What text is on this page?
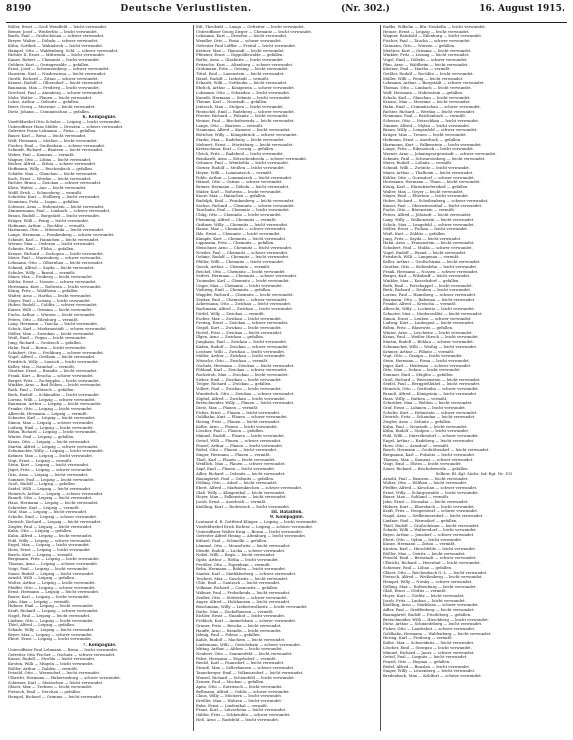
8190	Deutsche Verlustlisten.	(Nr. 302.)	16. August 1915.
Röller, Ernst — Groß Wendfeld — leicht verwundet.
Remer, Josef — Weißerlitz — leicht verwundet.
Barth, Paul — Großschönau — schwer verwundet.
Breyer, Walter — Döbeln — schwer verwundet.
Kühn, Gottlieb — Wahmbeck — leicht verwundet.
Hampel, Otto — Waldenburg, Schl. — schwer verwundet.
Richter II, Ernst — Mittweida — leicht verwundet.
Kunze, Robert — Chemnitz — leicht verwundet.
Geldner, Kurt — Geringswalde — gefallen.
Ernst, Josef — Schwarzenberg — schwer verwundet.
Haustein, Karl — Niederwiesa — leicht verwundet.
Gierth, Richard — Zittau — schwer verwundet.
Krause, Rudolf — Olbersdorf — leicht verwundet.
Baumann, Max — Freiberg — leicht verwundet.
Drechsel, Paul — Annaberg — schwer verwundet.
Mohr, Walter — Plauen — leicht verwundet.
Lohse, Arthur — Oelsnitz — gefallen.
Beier, Georg — Meerane — leicht verwundet.
Dietz, Johann — Crimmitschau — gefallen.
6. Kompagnie.
Vizefeldwebel Otto Schulze — Leipzig — leicht verwundet.
Unteroffizier Hans Müller — Dresden — schwer verwundet.
Gefreiter Franz Lehmann — Pirna — gefallen.
Bauer, Karl — Riesa — leicht verwundet.
Wolf, Hermann — Meißen — leicht verwundet.
Fischer, Emil — Großenhain — schwer verwundet.
Schmidt, Richard — Bautzen — leicht verwundet.
Weber, Paul — Kamenz — vermißt.
Wagner, Otto — Löbau — leicht verwundet.
Becker, Alfred — Zittau — schwer verwundet.
Hoffmann, Willy — Reichenbach — gefallen.
Schäfer, Max — Glauchau — leicht verwundet.
Koch, Ernst — Werdau — leicht verwundet.
Richter, Bruno — Zwickau — schwer verwundet.
Klein, Walter — Aue — leicht verwundet.
Wolff, Erich — Schneeberg — vermißt.
Schröder, Kurt — Stollberg — leicht verwundet.
Neumann, Fritz — Lugau — gefallen.
Schwarz, Arno — Hohenstein — leicht verwundet.
Zimmermann, Paul — Limbach — schwer verwundet.
Braun, Rudolf — Burgstädt — leicht verwundet.
Krüger, Willi — Penig — leicht verwundet.
Hofmann, Arthur — Rochlitz — vermißt.
Hartmann, Otto — Mittweida — leicht verwundet.
Lange, Hermann — Frankenberg — schwer verwundet.
Schmitt, Karl — Hainichen — leicht verwundet.
Werner, Max — Oederan — leicht verwundet.
Schmitz, Emil — Flöha — gefallen.
Krause, Richard — Zschopau — leicht verwundet.
Meier, Paul — Marienberg — schwer verwundet.
Lehmann, Otto — Olbernhau — leicht verwundet.
Schmid, Alfred — Sayda — leicht verwundet.
Schulze, Willy — Brand — vermißt.
Maier, Max — Freiberg — leicht verwundet.
Köhler, Ernst — Nossen — schwer verwundet.
Herrmann, Kurt — Roßwein — leicht verwundet.
König, Fritz — Waldheim — gefallen.
Walter, Arno — Hartha — leicht verwundet.
Mayer, Paul — Leisnig — leicht verwundet.
Huber, Rudolf — Colditz — schwer verwundet.
Kaiser, Willi — Grimma — leicht verwundet.
Fuchs, Arthur — Wurzen — leicht verwundet.
Peters, Otto — Eilenburg — vermißt.
Lang, Hermann — Taucha — leicht verwundet.
Scholz, Karl — Markranstädt — schwer verwundet.
Möller, Max — Zwenkau — leicht verwundet.
Weiß, Emil — Pegau — leicht verwundet.
Jung, Richard — Groitzsch — gefallen.
Hahn, Paul — Borna — leicht verwundet.
Schubert, Otto — Frohburg — schwer verwundet.
Vogel, Alfred — Geithain — leicht verwundet.
Friedrich, Willy — Lausick — leicht verwundet.
Keller, Max — Naunhof — vermißt.
Günther, Ernst — Brandis — leicht verwundet.
Frank, Kurt — Beucha — schwer verwundet.
Berger, Fritz — Zschepplin — leicht verwundet.
Winkler, Arno — Bad Düben — leicht verwundet.
Roth, Paul — Delitzsch — gefallen.
Beck, Rudolf — Schkeuditz — leicht verwundet.
Lorenz, Willi — Leipzig — schwer verwundet.
Baumann, Arthur — Leipzig — leicht verwundet.
Franke, Otto — Leipzig — leicht verwundet.
Albrecht, Hermann — Leipzig — vermißt.
Schuster, Karl — Leipzig — leicht verwundet.
Simon, Max — Leipzig — schwer verwundet.
Ludwig, Emil — Leipzig — leicht verwundet.
Böhm, Richard — Leipzig — leicht verwundet.
Winter, Paul — Leipzig — gefallen.
Kraus, Otto — Leipzig — leicht verwundet.
Martin, Alfred — Leipzig — schwer verwundet.
Schumacher, Willy — Leipzig — leicht verwundet.
Krämer, Max — Leipzig — leicht verwundet.
Vogt, Ernst — Leipzig — vermißt.
Stein, Kurt — Leipzig — leicht verwundet.
Jäger, Fritz — Leipzig — schwer verwundet.
Otto, Arno — Leipzig — leicht verwundet.
Sommer, Paul — Leipzig — leicht verwundet.
Groß, Rudolf — Leipzig — gefallen.
Seidel, Willi — Leipzig — leicht verwundet.
Heinrich, Arthur — Leipzig — schwer verwundet.
Brandt, Otto — Leipzig — leicht verwundet.
Haas, Hermann — Leipzig — leicht verwundet.
Schreiber, Karl — Leipzig — vermißt.
Graf, Max — Leipzig — leicht verwundet.
Schulte, Emil — Leipzig — schwer verwundet.
Dietrich, Richard — Leipzig — leicht verwundet.
Ziegler, Paul — Leipzig — leicht verwundet.
Kuhn, Otto — Leipzig — gefallen.
Kühn, Alfred — Leipzig — leicht verwundet.
Pohl, Willy — Leipzig — schwer verwundet.
Engel, Max — Leipzig — leicht verwundet.
Horn, Ernst — Leipzig — leicht verwundet.
Busch, Kurt — Leipzig — vermißt.
Bergmann, Fritz — Leipzig — leicht verwundet.
Thomas, Arno — Leipzig — schwer verwundet.
Voigt, Paul — Leipzig — leicht verwundet.
Sauer, Rudolf — Leipzig — leicht verwundet.
Arnold, Willi — Leipzig — gefallen.
Wolter, Arthur — Leipzig — leicht verwundet.
Pfeiffer, Otto — Leipzig — schwer verwundet.
Ernst, Hermann — Leipzig — leicht verwundet.
Bauer, Karl — Leipzig — leicht verwundet.
Jahn, Max — Leipzig — vermißt.
Hübner, Emil — Leipzig — leicht verwundet.
Kraft, Richard — Leipzig — schwer verwundet.
Nagel, Paul — Leipzig — leicht verwundet.
Lindner, Otto — Leipzig — leicht verwundet.
Thiel, Alfred — Leipzig — gefallen.
Schade, Willy — Leipzig — leicht verwundet.
Beyer, Max — Leipzig — schwer verwundet.
Ebert, Ernst — Leipzig — leicht verwundet.
7. Kompagnie.
Unteroffizier Paul Lehmann — Riesa — leicht verwundet.
Gefreiter Otto Fischer — Oschatz — schwer verwundet.
Kunze, Rudolf — Strehla — leicht verwundet.
Kirsten, Willi — Mügeln — leicht verwundet.
Rößler, Arthur — Dahlen — vermißt.
Petzold, Otto — Wermsdorf — leicht verwundet.
Ulbricht, Hermann — Hubertusburg — schwer verwundet.
Schirmer, Karl — Mutzschen — leicht verwundet.
Gläser, Max — Trebsen — leicht verwundet.
Pietzsch, Emil — Nerchau — gefallen.
Hempel, Richard — Grimma — leicht verwundet.
Eilt, Theobald — Langa — Gefreiter — leicht verwundet.
Unteroffizier Georg Zieger — Chemnitz — leicht verwundet.
Lehmann, Kurt — Dresden — leicht verwundet.
Wendler, Otto — Pirna — schwer verwundet.
Gefreiter Paul Löffler — Freital — leicht verwundet.
Kettner, Max — Tharandt — leicht verwundet.
Pfützner, Ernst — Dippoldiswalde — gefallen.
Rothe, Arno — Glashütte — leicht verwundet.
Fritzsche, Kurt — Altenberg — schwer verwundet.
Grohmann, Fritz — Geising — leicht verwundet.
Tittel, Paul — Lauenstein — leicht verwundet.
Hänel, Rudolf — Liebstadt — vermißt.
Eckardt, Willi — Gottleuba — leicht verwundet.
Ehrlich, Arthur — Königstein — schwer verwundet.
Lohmann, Otto — Schandau — leicht verwundet.
Kunath, Hermann — Sebnitz — leicht verwundet.
Thieme, Karl — Neustadt — gefallen.
Jentzsch, Max — Stolpen — leicht verwundet.
Hentschel, Emil — Radeberg — schwer verwundet.
Förster, Richard — Pulsnitz — leicht verwundet.
Heinze, Paul — Bischofswerda — leicht verwundet.
Lange, Otto — Bautzen — vermißt.
Naumann, Alfred — Kamenz — leicht verwundet.
Böttcher, Willy — Königsbrück — schwer verwundet.
Starke, Max — Radeburg — leicht verwundet.
Mehnert, Ernst — Moritzburg — leicht verwundet.
Kretzschmar, Kurt — Coswig — gefallen.
Ulrich, Fritz — Radebeul — leicht verwundet.
Reinhardt, Arno — Kötzschenbroda — schwer verwundet.
Gebauer, Paul — Weinböhla — leicht verwundet.
Görner, Rudolf — Meißen — leicht verwundet.
Heyne, Willi — Lommatzsch — vermißt.
Pohle, Arthur — Lommatzsch — leicht verwundet.
Hänsel, Otto — Ostrau — schwer verwundet.
Bräuer, Hermann — Döbeln — leicht verwundet.
Mäder, Karl — Roßwein — leicht verwundet.
Knorr, Max — Hainichen — gefallen.
Rudolph, Emil — Frankenberg — leicht verwundet.
Sachse, Richard — Chemnitz — schwer verwundet.
Tauchnitz, Paul — Chemnitz — leicht verwundet.
Uhlig, Otto — Chemnitz — leicht verwundet.
Flemming, Alfred — Chemnitz — vermißt.
Gräbner, Willy — Chemnitz — leicht verwundet.
Haase, Max — Chemnitz — schwer verwundet.
Ihle, Ernst — Chemnitz — leicht verwundet.
Kämpfe, Kurt — Chemnitz — leicht verwundet.
Lippmann, Fritz — Chemnitz — gefallen.
Meischner, Arno — Chemnitz — leicht verwundet.
Nestler, Paul — Chemnitz — schwer verwundet.
Oehme, Rudolf — Chemnitz — leicht verwundet.
Pfüller, Willi — Chemnitz — leicht verwundet.
Queck, Arthur — Chemnitz — vermißt.
Reichel, Otto — Chemnitz — leicht verwundet.
Seifert, Hermann — Chemnitz — schwer verwundet.
Trommler, Karl — Chemnitz — leicht verwundet.
Unger, Max — Chemnitz — leicht verwundet.
Viehweg, Emil — Chemnitz — gefallen.
Wappler, Richard — Chemnitz — leicht verwundet.
Zenker, Paul — Chemnitz — schwer verwundet.
Ackermann, Otto — Zwickau — leicht verwundet.
Bachmann, Alfred — Zwickau — leicht verwundet.
Dörfel, Willy — Zwickau — vermißt.
Escher, Max — Zwickau — leicht verwundet.
Freitag, Ernst — Zwickau — schwer verwundet.
Geipel, Kurt — Zwickau — leicht verwundet.
Hertel, Fritz — Zwickau — leicht verwundet.
Illgen, Arno — Zwickau — gefallen.
Junghans, Paul — Zwickau — leicht verwundet.
Kaden, Rudolf — Zwickau — schwer verwundet.
Leistner, Willi — Zwickau — leicht verwundet.
Müller, Arthur — Zwickau — leicht verwundet.
Nitzsche, Otto — Zwickau — vermißt.
Oschatz, Hermann — Zwickau — leicht verwundet.
Pöhland, Karl — Zwickau — schwer verwundet.
Rockstroh, Max — Zwickau — leicht verwundet.
Sieber, Emil — Zwickau — leicht verwundet.
Tröger, Richard — Zwickau — gefallen.
Vollert, Paul — Zwickau — leicht verwundet.
Wunderlich, Otto — Zwickau — schwer verwundet.
Zöphel, Alfred — Zwickau — leicht verwundet.
Bretschneider, Willy — Plauen — leicht verwundet.
Dietz, Max — Plauen — vermißt.
Ficker, Ernst — Plauen — leicht verwundet.
Goldhahn, Kurt — Plauen — schwer verwundet.
Hering, Fritz — Plauen — leicht verwundet.
Kolbe, Arno — Plauen — leicht verwundet.
Löscher, Paul — Plauen — gefallen.
Männel, Rudolf — Plauen — leicht verwundet.
Oettel, Willi — Plauen — schwer verwundet.
Penzel, Arthur — Plauen — leicht verwundet.
Rödel, Otto — Plauen — leicht verwundet.
Singer, Hermann — Plauen — vermißt.
Thoß, Karl — Plauen — leicht verwundet.
Weidlich, Max — Plauen — schwer verwundet.
Zapf, Emil — Plauen — leicht verwundet.
Adler, Richard — Oelsnitz — leicht verwundet.
Baumgärtel, Paul — Oelsnitz — gefallen.
Dölling, Otto — Adorf — leicht verwundet.
Ebert, Alfred — Markneukirchen — schwer verwundet.
Glaß, Willy — Klingenthal — leicht verwundet.
Hoyer, Max — Falkenstein — leicht verwundet.
Jacob, Ernst — Auerbach — vermißt.
Kießling, Kurt — Rodewisch — leicht verwundet.
III. Bataillon.
9. Kompagnie.
Leutnant d. R. Gottfried Klinger — Leipzig — leicht verwundet.
Vizefeldwebel Erich Richter — Leipzig — schwer verwundet.
Unteroffizier Walter Krug — Borna — leicht verwundet.
Gefreiter Alfred Heinig — Altenburg — leicht verwundet.
Kühnel, Paul — Schmölln — gefallen.
Lämmel, Otto — Meuselwitz — leicht verwundet.
Mende, Rudolf — Lucka — schwer verwundet.
Nebel, Willi — Regis — leicht verwundet.
Opitz, Arthur — Rötha — leicht verwundet.
Preißler, Otto — Espenhain — vermißt.
Rehn, Hermann — Böhlen — leicht verwundet.
Sander, Karl — Markkleeberg — schwer verwundet.
Teichert, Max — Gaschwitz — leicht verwundet.
Uhle, Emil — Gautzsch — leicht verwundet.
Volkmar, Richard — Connewitz — gefallen.
Wähner, Paul — Probstheida — leicht verwundet.
Zeidler, Otto — Stötteritz — schwer verwundet.
Anger, Alfred — Holzhausen — leicht verwundet.
Buschmann, Willy — Liebertwolkwitz — leicht verwundet.
Dathe, Max — Zuckelhausen — vermißt.
Eichler, Ernst — Naunhof — leicht verwundet.
Fröhlich, Kurt — Ammelshain — schwer verwundet.
Gruner, Fritz — Beucha — leicht verwundet.
Hauffe, Arno — Brandis — leicht verwundet.
Jähnig, Paul — Polenz — gefallen.
Kahle, Rudolf — Machern — leicht verwundet.
Lindemann, Willi — Gerichshain — schwer verwundet.
Mittag, Arthur — Althen — leicht verwundet.
Neubert, Otto — Sommerfeld — leicht verwundet.
Pabst, Hermann — Engelsdorf — vermißt.
Riedel, Karl — Paunsdorf — leicht verwundet.
Strauß, Max — Sellerhausen — schwer verwundet.
Tanneberger, Emil — Volkmarsdorf — leicht verwundet.
Wenzel, Richard — Schönefeld — leicht verwundet.
Zeuner, Paul — Mockau — gefallen.
Apitz, Otto — Eutritzsch — leicht verwundet.
Bellmann, Alfred — Gohlis — schwer verwundet.
Claus, Willy — Möckern — leicht verwundet.
Dreßler, Max — Wahren — leicht verwundet.
Enke, Ernst — Lindenthal — vermißt.
Franz, Kurt — Lützschena — leicht verwundet.
Gäbler, Fritz — Schkeuditz — schwer verwundet.
Heß, Arno — Radefeld — leicht verwundet.
Radke, Wilhelm — Bln.-Neukölln — leicht verwundet.
Heinze, Ernst — Leipzig — leicht verwundet.
Wagner, Reinhold — Eilenburg — leicht verwundet.
Fischer, Paul — Taucha — schwer verwundet.
Gutmann, Otto — Wurzen — gefallen.
Meißner, Kurt — Grimma — leicht verwundet.
Winkler, Fritz — Leisnig — leicht verwundet.
Vogel, Emil — Döbeln — schwer verwundet.
Pfau, Arno — Waldheim — leicht verwundet.
Kästner, Paul — Hartha — vermißt.
Geißler, Rudolf — Rochlitz — leicht verwundet.
Müller, Willi — Penig — leicht verwundet.
Lehmann, Arthur — Burgstädt — schwer verwundet.
Thomas, Otto — Limbach — leicht verwundet.
Wolf, Hermann — Hohenstein — gefallen.
Schulz, Karl — Glauchau — leicht verwundet.
Krause, Max — Meerane — leicht verwundet.
Hahn, Emil — Crimmitschau — schwer verwundet.
Richter, Richard — Werdau — leicht verwundet.
Neumann, Paul — Reichenbach — vermißt.
Schwarz, Otto — Netzschkau — leicht verwundet.
Zimmer, Alfred — Mylau — leicht verwundet.
Braun, Willy — Lengenfeld — schwer verwundet.
Krüger, Max — Treuen — leicht verwundet.
Hofmann, Ernst — Auerbach — gefallen.
Hartmann, Kurt — Falkenstein — leicht verwundet.
Lange, Fritz — Eibenstock — leicht verwundet.
Werner, Arno — Johanngeorgenstadt — schwer verwundet.
Schmitz, Paul — Schwarzenberg — leicht verwundet.
Meier, Rudolf — Lößnitz — vermißt.
Schmid, Willi — Zwönitz — leicht verwundet.
Maier, Arthur — Thalheim — leicht verwundet.
Köhler, Otto — Gornsdorf — schwer verwundet.
Herrmann, Hermann — Thum — leicht verwundet.
König, Karl — Ehrenfriedersdorf — gefallen.
Walter, Max — Geyer — leicht verwundet.
Mayer, Emil — Elterlein — leicht verwundet.
Huber, Richard — Scheibenberg — schwer verwundet.
Kaiser, Paul — Oberwiesenthal — leicht verwundet.
Fuchs, Otto — Bärenstein — vermißt.
Peters, Alfred — Jöhstadt — leicht verwundet.
Lang, Willy — Wolkenstein — leicht verwundet.
Scholz, Max — Lengefeld — schwer verwundet.
Möller, Ernst — Pockau — leicht verwundet.
Weiß, Kurt — Zöblitz — gefallen.
Jung, Fritz — Sayda — leicht verwundet.
Hahn, Arno — Frauenstein — leicht verwundet.
Schubert, Paul — Mulda — schwer verwundet.
Vogel, Rudolf — Brand — leicht verwundet.
Friedrich, Willi — Langenau — vermißt.
Keller, Arthur — Großschirma — leicht verwundet.
Günther, Otto — Siebenlehn — leicht verwundet.
Frank, Hermann — Nossen — schwer verwundet.
Berger, Karl — Wilsdruff — leicht verwundet.
Winkler, Max — Kesselsdorf — gefallen.
Roth, Emil — Potschappel — leicht verwundet.
Beck, Richard — Deuben — leicht verwundet.
Lorenz, Paul — Hainsberg — schwer verwundet.
Baumann, Otto — Rabenau — leicht verwundet.
Franke, Alfred — Kreischa — vermißt.
Albrecht, Willy — Lockwitz — leicht verwundet.
Schuster, Max — Niedersedlitz — leicht verwundet.
Simon, Ernst — Leuben — schwer verwundet.
Ludwig, Kurt — Laubegast — leicht verwundet.
Böhm, Fritz — Blasewitz — gefallen.
Winter, Arno — Loschwitz — leicht verwundet.
Kraus, Paul — Weißer Hirsch — leicht verwundet.
Martin, Rudolf — Bühlau — schwer verwundet.
Schumacher, Willi — Weißig — leicht verwundet.
Krämer, Arthur — Pillnitz — vermißt.
Vogt, Otto — Graupa — leicht verwundet.
Stein, Hermann — Pirna — leicht verwundet.
Jäger, Karl — Heidenau — schwer verwundet.
Otto, Max — Dohna — leicht verwundet.
Sommer, Emil — Müglitz — gefallen.
Groß, Richard — Weesenstein — leicht verwundet.
Seidel, Paul — Berggießhübel — leicht verwundet.
Heinrich, Otto — Gottleuba — schwer verwundet.
Brandt, Alfred — Königstein — leicht verwundet.
Haas, Willy — Rathen — vermißt.
Schreiber, Max — Wehlen — leicht verwundet.
Graf, Ernst — Lohmen — leicht verwundet.
Schulte, Kurt — Hohnstein — schwer verwundet.
Dietrich, Fritz — Schandau — leicht verwundet.
Ziegler, Arno — Sebnitz — gefallen.
Kuhn, Paul — Neustadt — leicht verwundet.
Kühn, Rudolf — Stolpen — leicht verwundet.
Pohl, Willi — Dürrröhrsdorf — schwer verwundet.
Engel, Arthur — Radeberg — leicht verwundet.
Horn, Otto — Arnsdorf — vermißt.
Busch, Hermann — Großröhrsdorf — leicht verwundet.
Bergmann, Karl — Pulsnitz — leicht verwundet.
Thomas, Max — Kamenz — schwer verwundet.
Voigt, Emil — Elstra — leicht verwundet.
Sauer, Richard — Bischofswerda — gefallen.
Selbow, Bl. Kgl. Sächs. Inf.-Rgt. Nr. 103
Arnold, Paul — Bautzen — leicht verwundet.
Wolter, Otto — Wilthen — leicht verwundet.
Pfeiffer, Alfred — Kirschau — schwer verwundet.
Ernst, Willy — Schirgiswalde — leicht verwundet.
Bauer, Max — Sohland — vermißt.
Jahn, Ernst — Neusalza — leicht verwundet.
Hübner, Kurt — Ebersbach — leicht verwundet.
Kraft, Fritz — Neugersdorf — schwer verwundet.
Nagel, Arno — Seifhennersdorf — leicht verwundet.
Lindner, Paul — Warnsdorf — gefallen.
Thiel, Rudolf — Großschönau — leicht verwundet.
Schade, Willi — Waltersdorf — leicht verwundet.
Beyer, Arthur — Jonsdorf — schwer verwundet.
Ebert, Otto — Oybin — leicht verwundet.
Kunze, Hermann — Zittau — vermißt.
Kirsten, Karl — Hirschfelde — leicht verwundet.
Rößler, Max — Ostritz — leicht verwundet.
Petzold, Emil — Bernstadt — schwer verwundet.
Ulbricht, Richard — Herrnhut — leicht verwundet.
Schirmer, Paul — Löbau — gefallen.
Gläser, Otto — Reichenbach O.-L. — leicht verwundet.
Pietzsch, Alfred — Weißenberg — leicht verwundet.
Hempel, Willy — Niesky — schwer verwundet.
Dölling, Max — Rothenburg — leicht verwundet.
Glaß, Ernst — Görlitz — vermißt.
Hoyer, Kurt — Görlitz — leicht verwundet.
Jacob, Fritz — Lauban — leicht verwundet.
Kießling, Arno — Marklissa — schwer verwundet.
Adler, Paul — Greiffenberg — leicht verwundet.
Baumgärtel, Rudolf — Friedeberg — gefallen.
Bretschneider, Willi — Hirschberg — leicht verwundet.
Dietz, Arthur — Schmiedeberg — leicht verwundet.
Ficker, Otto — Landeshut — schwer verwundet.
Goldhahn, Hermann — Waldenburg — leicht verwundet.
Hering, Karl — Freiburg — vermißt.
Kolbe, Max — Schweidnitz — leicht verwundet.
Löscher, Emil — Striegau — leicht verwundet.
Männel, Richard — Jauer — schwer verwundet.
Oettel, Paul — Liegnitz — leicht verwundet.
Penzel, Otto — Haynau — gefallen.
Rödel, Alfred — Bunzlau — leicht verwundet.
Singer, Willy — Löwenberg — leicht verwundet.
Bredenbach, Max — Kohlfurt — schwer verwundet.
